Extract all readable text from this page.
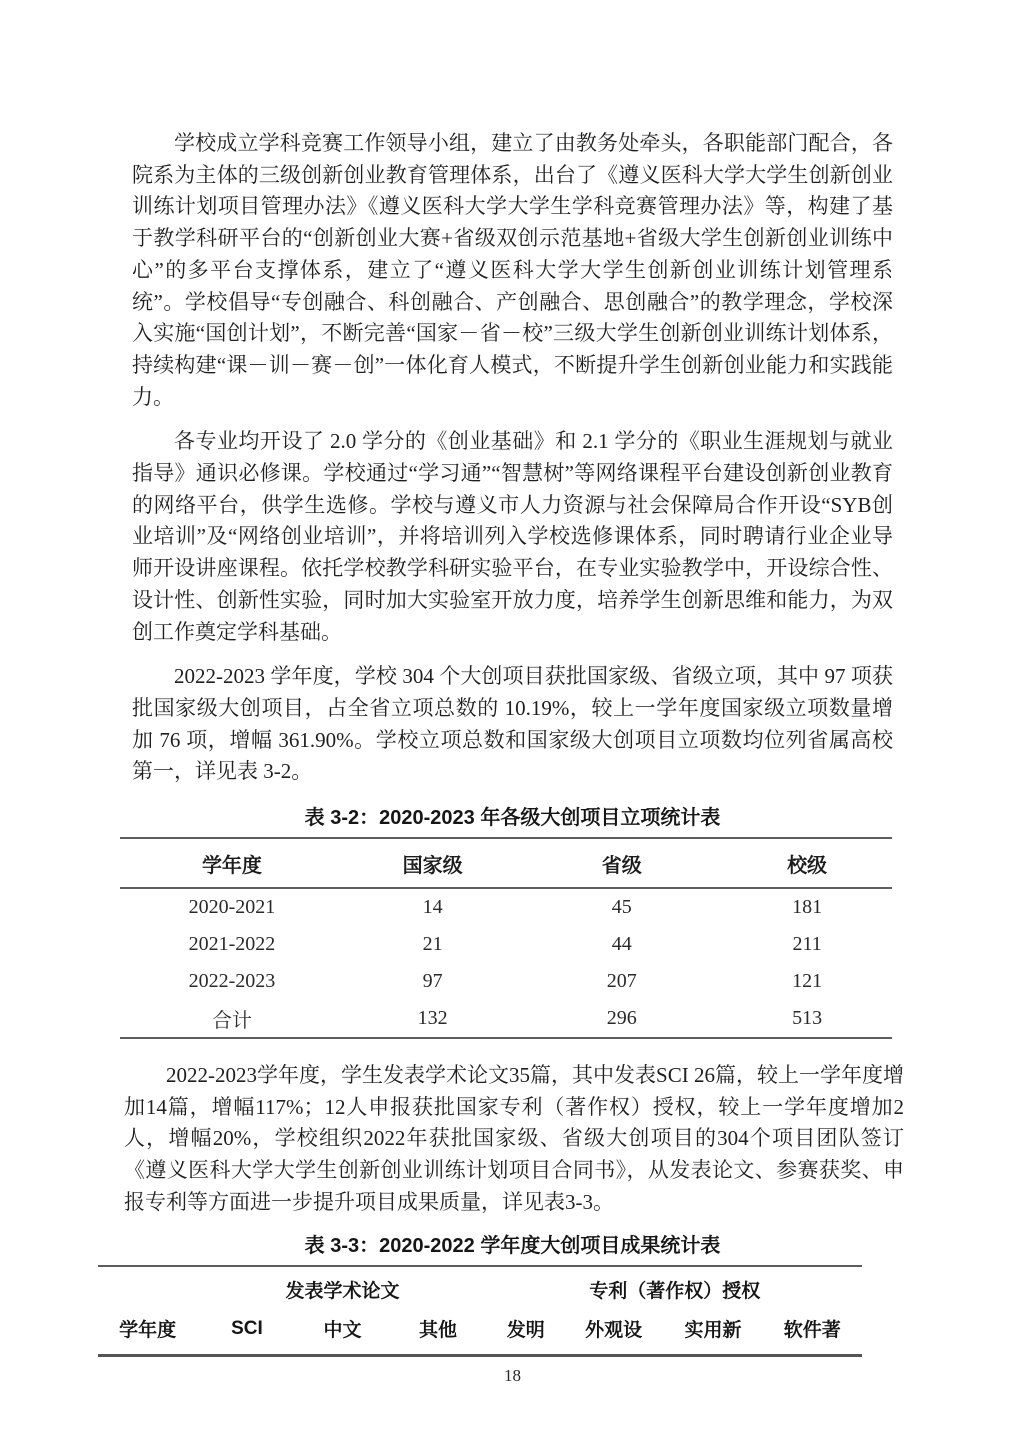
学校成立学科竞赛工作领导小组，建立了由教务处牵头，各职能部门配合，各院系为主体的三级创新创业教育管理体系，出台了《遵义医科大学大学生创新创业训练计划项目管理办法》《遵义医科大学大学生学科竞赛管理办法》等，构建了基于教学科研平台的“创新创业大赛+省级双创示范基地+省级大学生创新创业训练中心”的多平台支撑体系，建立了“遵义医科大学大学生创新创业训练计划管理系统”。学校倡导“专创融合、科创融合、产创融合、思创融合”的教学理念，学校深入实施“国创计划”，不断完善“国家－省－校”三级大学生创新创业训练计划体系，持续构建“课－训－赛－创”一体化育人模式，不断提升学生创新创业能力和实践能力。

各专业均开设了 2.0 学分的《创业基础》和 2.1 学分的《职业生涯规划与就业指导》通识必修课。学校通过“学习通”“智慧树”等网络课程平台建设创新创业教育的网络平台，供学生选修。学校与遵义市人力资源与社会保障局合作开设“SYB创业培训”及“网络创业培训”，并将培训列入学校选修课体系，同时聘请行业企业导师开设讲座课程。依托学校教学科研实验平台，在专业实验教学中，开设综合性、设计性、创新性实验，同时加大实验室开放力度，培养学生创新思维和能力，为双创工作奠定学科基础。

2022-2023 学年度，学校 304 个大创项目获批国家级、省级立项，其中 97 项获批国家级大创项目，占全省立项总数的 10.19%，较上一学年度国家级立项数量增加 76 项，增幅 361.90%。学校立项总数和国家级大创项目立项数均位列省属高校第一，详见表 3-2。

表 3-2：2020-2023 年各级大创项目立项统计表
学年度	国家级	省级	校级
2020-2021	14	45	181
2021-2022	21	44	211
2022-2023	97	207	121
合计	132	296	513

2022-2023学年度，学生发表学术论文35篇，其中发表SCI 26篇，较上一学年度增加14篇，增幅117%；12人申报获批国家专利（著作权）授权，较上一学年度增加2人，增幅20%，学校组织2022年获批国家级、省级大创项目的304个项目团队签订《遵义医科大学大学生创新创业训练计划项目合同书》，从发表论文、参赛获奖、申报专利等方面进一步提升项目成果质量，详见表3-3。

表 3-3：2020-2022 学年度大创项目成果统计表
	发表学术论文			专利（著作权）授权			
学年度	SCI	中文	其他	发明	外观设	实用新	软件著
18
